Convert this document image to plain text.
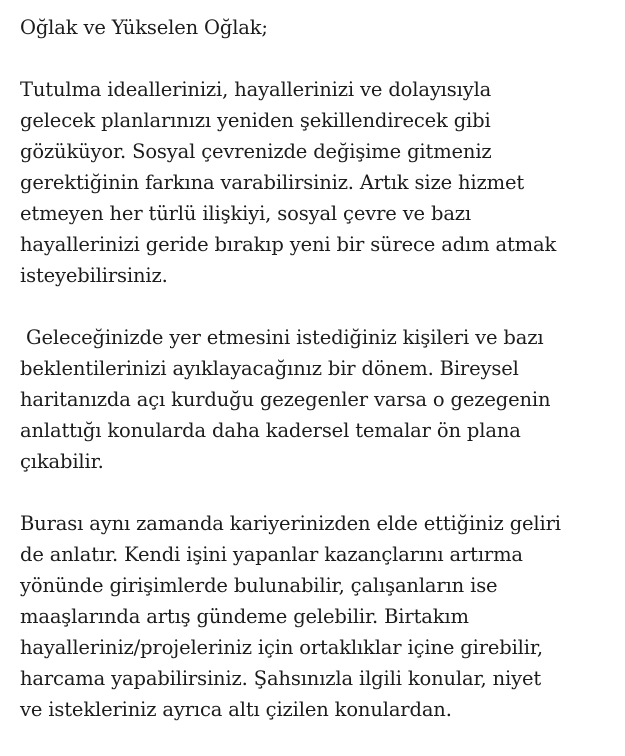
Oğlak ve Yükselen Oğlak;
Tutulma ideallerinizi, hayallerinizi ve dolayısıyla
gelecek planlarınızı yeniden şekillendirecek gibi
gözüküyor. Sosyal çevrenizde değişime gitmeniz
gerektiğinin farkına varabilirsiniz. Artık size hizmet
etmeyen her türlü ilişkiyi, sosyal çevre ve bazı
hayallerinizi geride bırakıp yeni bir sürece adım atmak
isteyebilirsiniz.
Geleceğinizde yer etmesini istediğiniz kişileri ve bazı
beklentilerinizi ayıklayacağınız bir dönem. Bireysel
haritanızda açı kurduğu gezegenler varsa o gezegenin
anlattığı konularda daha kadersel temalar ön plana
çıkabilir.
Burası aynı zamanda kariyerinizden elde ettiğiniz geliri
de anlatır. Kendi işini yapanlar kazançlarını artırma
yönünde girişimlerde bulunabilir, çalışanların ise
maaşlarında artış gündeme gelebilir. Birtakım
hayalleriniz/projeleriniz için ortaklıklar içine girebilir,
harcama yapabilirsiniz. Şahsınızla ilgili konular, niyet
ve istekleriniz ayrıca altı çizilen konulardan.
